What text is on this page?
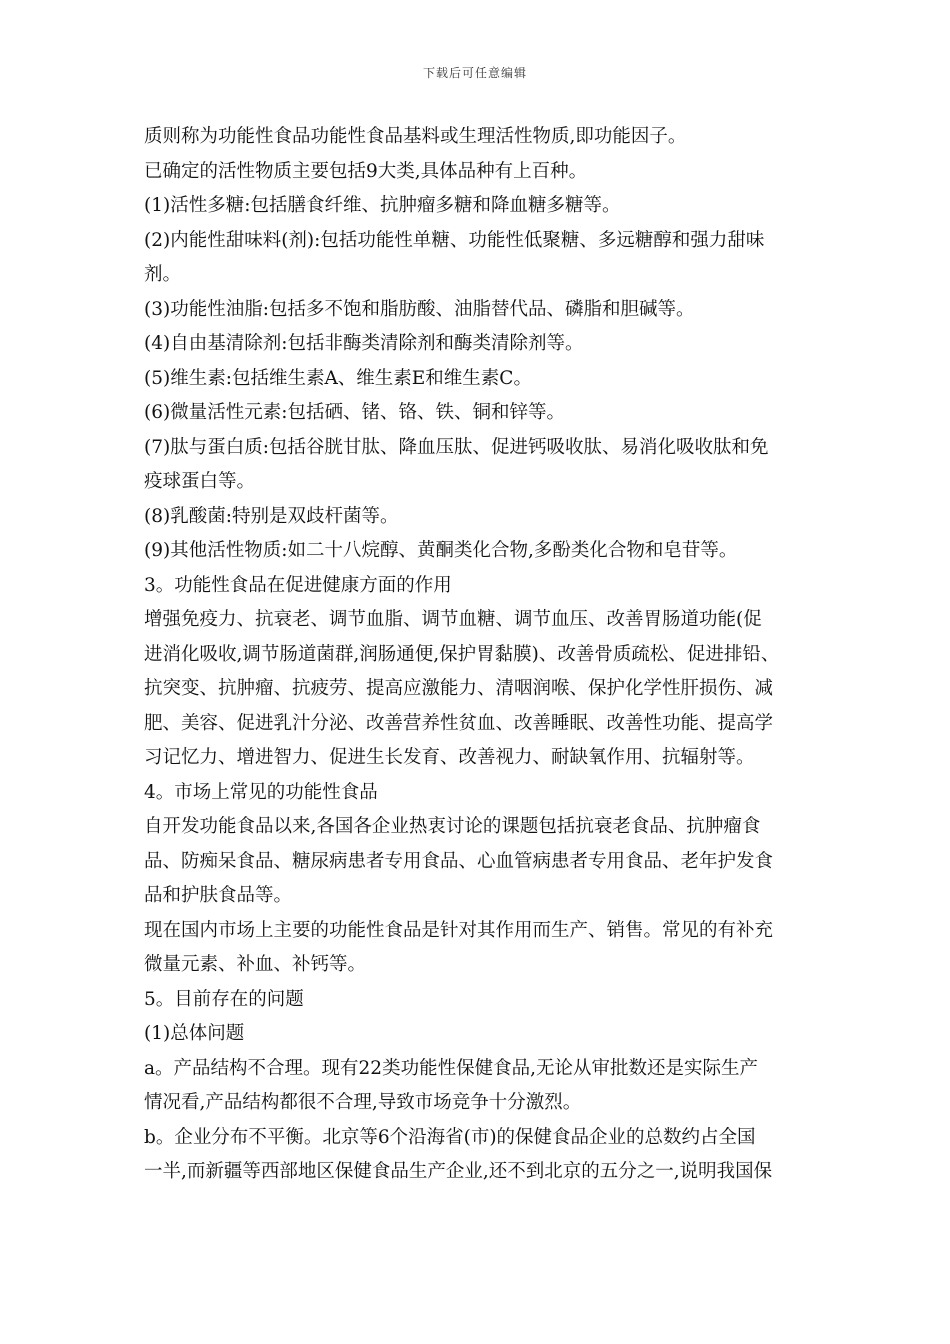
下载后可任意编辑
质则称为功能性食品功能性食品基料或生理活性物质,即功能因子。
已确定的活性物质主要包括9大类,具体品种有上百种。
(1)活性多糖:包括膳食纤维、抗肿瘤多糖和降血糖多糖等。
(2)内能性甜味料(剂):包括功能性单糖、功能性低聚糖、多远糖醇和强力甜味
剂。
(3)功能性油脂:包括多不饱和脂肪酸、油脂替代品、磷脂和胆碱等。
(4)自由基清除剂:包括非酶类清除剂和酶类清除剂等。
(5)维生素:包括维生素A、维生素E和维生素C。
(6)微量活性元素:包括硒、锗、铬、铁、铜和锌等。
(7)肽与蛋白质:包括谷胱甘肽、降血压肽、促进钙吸收肽、易消化吸收肽和免
疫球蛋白等。
(8)乳酸菌:特别是双歧杆菌等。
(9)其他活性物质:如二十八烷醇、黄酮类化合物,多酚类化合物和皂苷等。
3。功能性食品在促进健康方面的作用
增强免疫力、抗衰老、调节血脂、调节血糖、调节血压、改善胃肠道功能(促
进消化吸收,调节肠道菌群,润肠通便,保护胃黏膜)、改善骨质疏松、促进排铅、
抗突变、抗肿瘤、抗疲劳、提高应激能力、清咽润喉、保护化学性肝损伤、减
肥、美容、促进乳汁分泌、改善营养性贫血、改善睡眠、改善性功能、提高学
习记忆力、增进智力、促进生长发育、改善视力、耐缺氧作用、抗辐射等。
4。市场上常见的功能性食品
自开发功能食品以来,各国各企业热衷讨论的课题包括抗衰老食品、抗肿瘤食
品、防痴呆食品、糖尿病患者专用食品、心血管病患者专用食品、老年护发食
品和护肤食品等。
现在国内市场上主要的功能性食品是针对其作用而生产、销售。常见的有补充
微量元素、补血、补钙等。
5。目前存在的问题
(1)总体问题
a。产品结构不合理。现有22类功能性保健食品,无论从审批数还是实际生产
情况看,产品结构都很不合理,导致市场竞争十分激烈。
b。企业分布不平衡。北京等6个沿海省(市)的保健食品企业的总数约占全国
一半,而新疆等西部地区保健食品生产企业,还不到北京的五分之一,说明我国保
